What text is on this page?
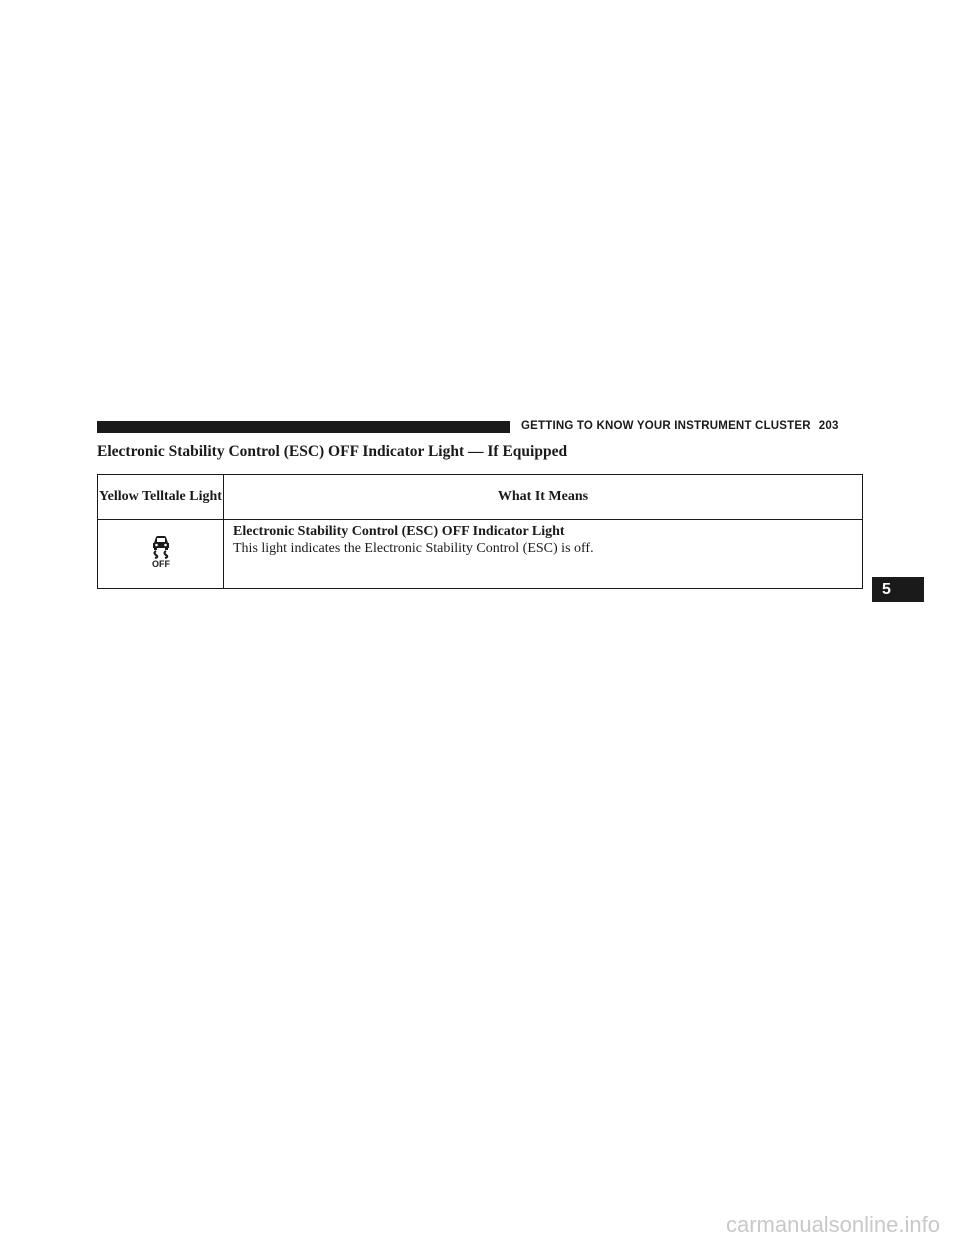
GETTING TO KNOW YOUR INSTRUMENT CLUSTER 203
Electronic Stability Control (ESC) OFF Indicator Light — If Equipped
Yellow Telltale Light	What It Means

OFF	Electronic Stability Control (ESC) OFF Indicator Light
This light indicates the Electronic Stability Control (ESC) is off.
5
carmanualsonline.info
